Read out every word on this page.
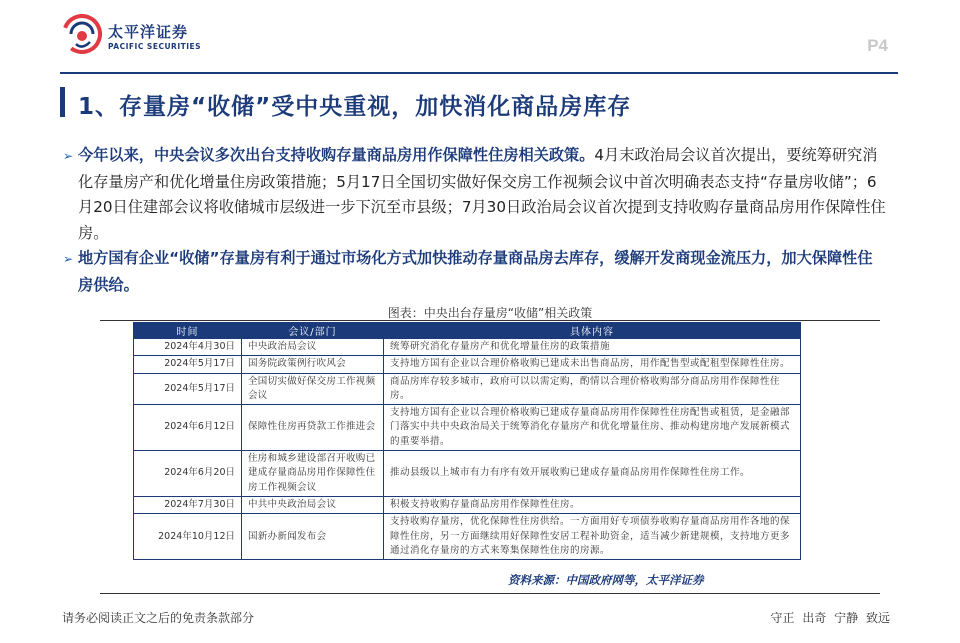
太平洋证券
PACIFIC SECURITIES	P4
1、存量房“收储”受中央重视，加快消化商品房库存

➢ 今年以来，中央会议多次出台支持收购存量商品房用作保障性住房相关政策。4月末政治局会议首次提出，要统筹研究消化存量房产和优化增量住房政策措施；5月17日全国切实做好保交房工作视频会议中首次明确表态支持“存量房收储”；6月20日住建部会议将收储城市层级进一步下沉至市县级；7月30日政治局会议首次提到支持收购存量商品房用作保障性住房。

➢ 地方国有企业“收储”存量房有利于通过市场化方式加快推动存量商品房去库存，缓解开发商现金流压力，加大保障性住房供给。

图表：中央出台存量房“收储”相关政策
时间	会议/部门	具体内容
2024年4月30日	中央政治局会议	统筹研究消化存量房产和优化增量住房的政策措施
2024年5月17日	国务院政策例行吹风会	支持地方国有企业以合理价格收购已建成未出售商品房，用作配售型或配租型保障性住房。
2024年5月17日	全国切实做好保交房工作视频会议	商品房库存较多城市，政府可以以需定购，酌情以合理价格收购部分商品房用作保障性住房。
2024年6月12日	保障性住房再贷款工作推进会	支持地方国有企业以合理价格收购已建成存量商品房用作保障性住房配售或租赁，是金融部门落实中共中央政治局关于统筹消化存量房产和优化增量住房、推动构建房地产发展新模式的重要举措。
2024年6月20日	住房和城乡建设部召开收购已建成存量商品房用作保障性住房工作视频会议	推动县级以上城市有力有序有效开展收购已建成存量商品房用作保障性住房工作。
2024年7月30日	中共中央政治局会议	积极支持收购存量商品房用作保障性住房。
2024年10月12日	国新办新闻发布会	支持收购存量房，优化保障性住房供给。一方面用好专项债券收购存量商品房用作各地的保障性住房，另一方面继续用好保障性安居工程补助资金，适当减少新建规模，支持地方更多通过消化存量房的方式来筹集保障性住房的房源。
资料来源：中国政府网等，太平洋证券
请务必阅读正文之后的免责条款部分	守正 出奇 宁静 致远
